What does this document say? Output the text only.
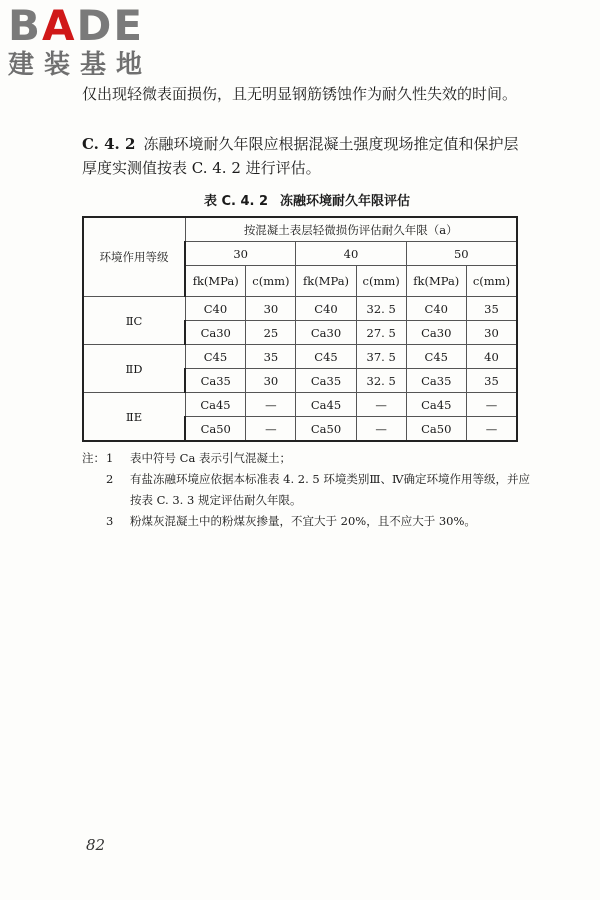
BADE
建装基地

仅出现轻微表面损伤，且无明显钢筋锈蚀作为耐久性失效的时间。

C. 4. 2 冻融环境耐久年限应根据混凝土强度现场推定值和保护层厚度实测值按表 C. 4. 2 进行评估。

表 C. 4. 2 冻融环境耐久年限评估
环境作用等级	按混凝土表层轻微损伤评估耐久年限（a）					
	30		40		50	
	fk(MPa)	c(mm)	fk(MPa)	c(mm)	fk(MPa)	c(mm)
ⅡC	C40	30	C40	32. 5	C40	35
	Ca30	25	Ca30	27. 5	Ca30	30
ⅡD	C45	35	C45	37. 5	C45	40
	Ca35	30	Ca35	32. 5	Ca35	35
ⅡE	Ca45	—	Ca45	—	Ca45	—
	Ca50	—	Ca50	—	Ca50	—
注： 1	表中符号 Ca 表示引气混凝土；
2	有盐冻融环境应依据本标准表 4. 2. 5 环境类别Ⅲ、Ⅳ确定环境作用等级，并应按表 C. 3. 3 规定评估耐久年限。
3	粉煤灰混凝土中的粉煤灰掺量，不宜大于 20%，且不应大于 30%。
82
